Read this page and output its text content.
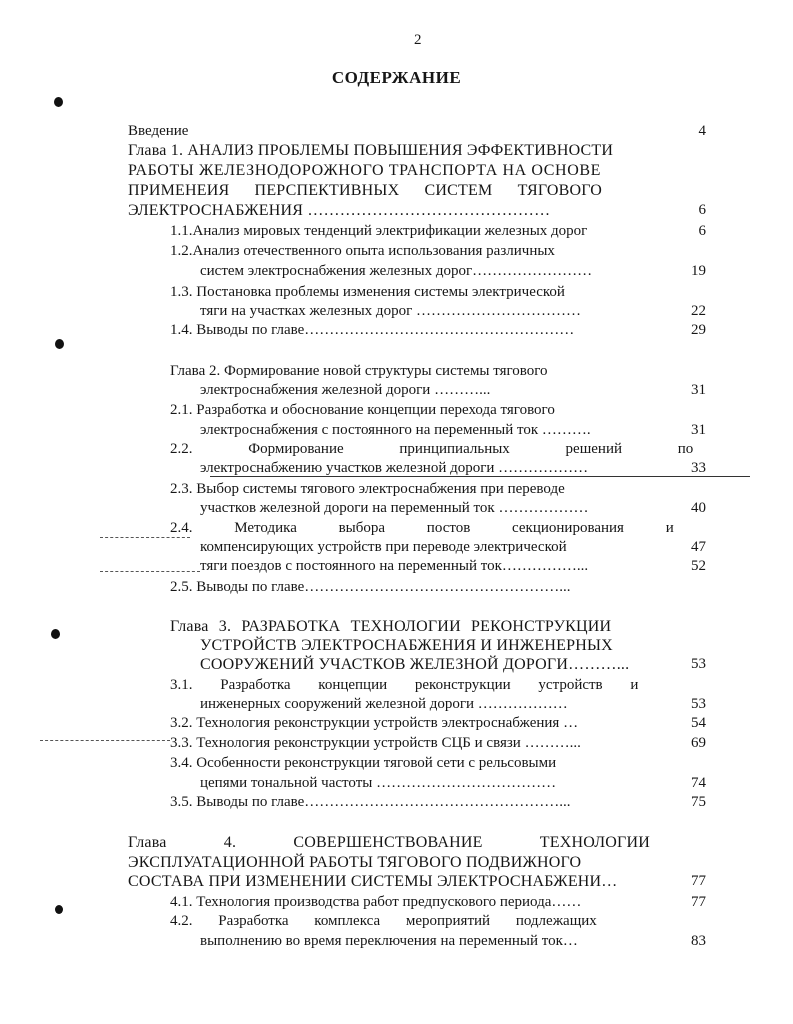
2
СОДЕРЖАНИЕ
Введение	4
Глава 1. АНАЛИЗ ПРОБЛЕМЫ ПОВЫШЕНИЯ ЭФФЕКТИВНОСТИ
РАБОТЫ ЖЕЛЕЗНОДОРОЖНОГО ТРАНСПОРТА НА ОСНОВЕ
ПРИМЕНЕИЯ ПЕРСПЕКТИВНЫХ СИСТЕМ ТЯГОВОГО
ЭЛЕКТРОСНАБЖЕНИЯ ………………………………………	6
1.1.Анализ мировых тенденций электрификации железных дорог	6
1.2.Анализ отечественного опыта использования различных
систем электроснабжения железных дорог……………………	19
1.3. Постановка проблемы изменения системы электрической
тяги на участках железных дорог ……………………………	22
1.4. Выводы по главе………………………………………………	29
Глава 2. Формирование новой структуры системы тягового
электроснабжения железной дороги ………...	31
2.1. Разработка и обоснование концепции перехода тягового
электроснабжения с постоянного на переменный ток ……….	31
2.2. Формирование принципиальных решений по
электроснабжению участков железной дороги ………………	33
2.3. Выбор системы тягового электроснабжения при переводе
участков железной дороги на переменный ток ………………	40
2.4. Методика выбора постов секционирования и
компенсирующих устройств при переводе электрической	47
тяги поездов с постоянного на переменный ток……………...	52
2.5. Выводы по главе……………………………………………...
Глава 3. РАЗРАБОТКА ТЕХНОЛОГИИ РЕКОНСТРУКЦИИ
УСТРОЙСТВ ЭЛЕКТРОСНАБЖЕНИЯ И ИНЖЕНЕРНЫХ
СООРУЖЕНИЙ УЧАСТКОВ ЖЕЛЕЗНОЙ ДОРОГИ………...	53
3.1. Разработка концепции реконструкции устройств и
инженерных сооружений железной дороги ………………	53
3.2. Технология реконструкции устройств электроснабжения …	54
3.3. Технология реконструкции устройств СЦБ и связи ………...	69
3.4. Особенности реконструкции тяговой сети с рельсовыми
цепями тональной частоты ………………………………	74
3.5. Выводы по главе……………………………………………...	75
Глава 4. СОВЕРШЕНСТВОВАНИЕ ТЕХНОЛОГИИ
ЭКСПЛУАТАЦИОННОЙ РАБОТЫ ТЯГОВОГО ПОДВИЖНОГО
СОСТАВА ПРИ ИЗМЕНЕНИИ СИСТЕМЫ ЭЛЕКТРОСНАБЖЕНИ…	77
4.1. Технология производства работ предпускового периода……	77
4.2. Разработка комплекса мероприятий подлежащих
выполнению во время переключения на переменный ток…	83
